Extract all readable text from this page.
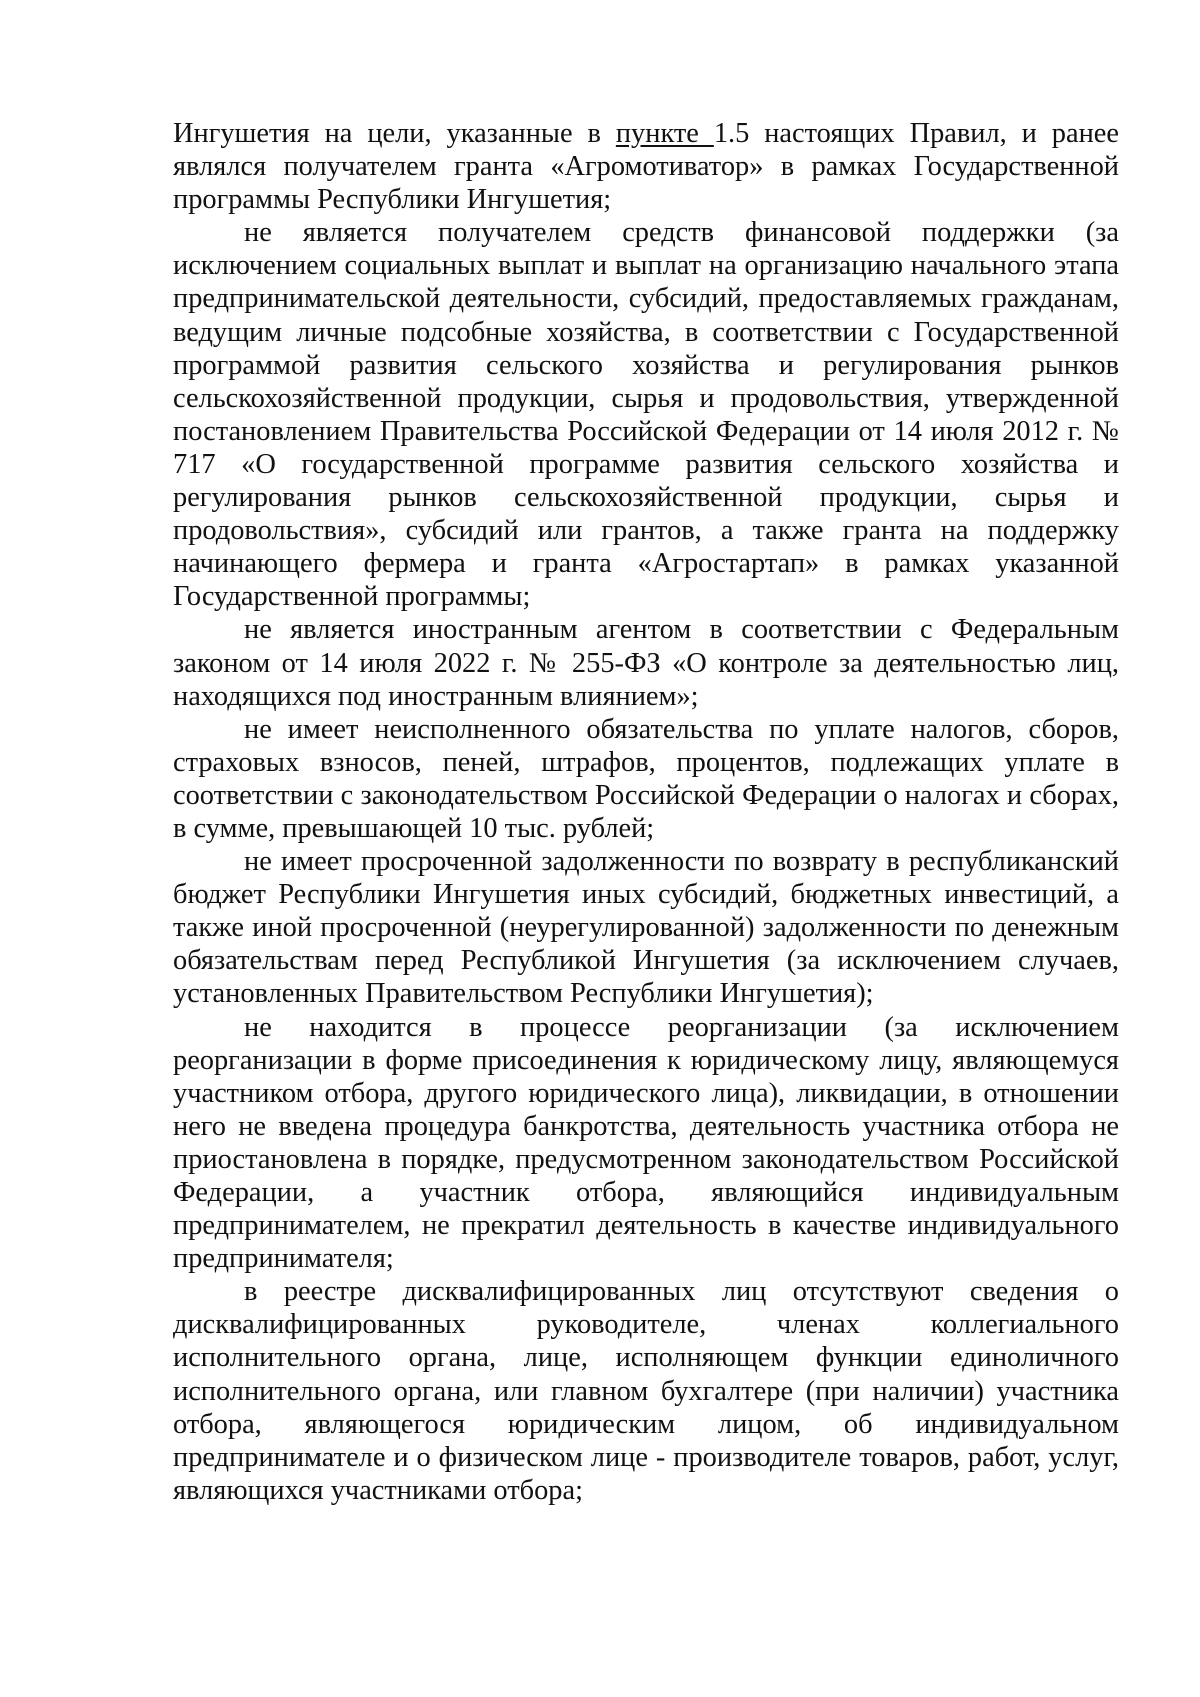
Ингушетия на цели, указанные в пункте 1.5 настоящих Правил, и ранее являлся получателем гранта «Агромотиватор» в рамках Государственной программы Республики Ингушетия;

не является получателем средств финансовой поддержки (за исключением социальных выплат и выплат на организацию начального этапа предпринимательской деятельности, субсидий, предоставляемых гражданам, ведущим личные подсобные хозяйства, в соответствии с Государственной программой развития сельского хозяйства и регулирования рынков сельскохозяйственной продукции, сырья и продовольствия, утвержденной постановлением Правительства Российской Федерации от 14 июля 2012 г. № 717 «О государственной программе развития сельского хозяйства и регулирования рынков сельскохозяйственной продукции, сырья и продовольствия», субсидий или грантов, а также гранта на поддержку начинающего фермера и гранта «Агростартап» в рамках указанной Государственной программы;

не является иностранным агентом в соответствии с Федеральным законом от 14 июля 2022 г. № 255-ФЗ «О контроле за деятельностью лиц, находящихся под иностранным влиянием»;

не имеет неисполненного обязательства по уплате налогов, сборов, страховых взносов, пеней, штрафов, процентов, подлежащих уплате в соответствии с законодательством Российской Федерации о налогах и сборах, в сумме, превышающей 10 тыс. рублей;

не имеет просроченной задолженности по возврату в республиканский бюджет Республики Ингушетия иных субсидий, бюджетных инвестиций, а также иной просроченной (неурегулированной) задолженности по денежным обязательствам перед Республикой Ингушетия (за исключением случаев, установленных Правительством Республики Ингушетия);

не находится в процессе реорганизации (за исключением реорганизации в форме присоединения к юридическому лицу, являющемуся участником отбора, другого юридического лица), ликвидации, в отношении него не введена процедура банкротства, деятельность участника отбора не приостановлена в порядке, предусмотренном законодательством Российской Федерации, а участник отбора, являющийся индивидуальным предпринимателем, не прекратил деятельность в качестве индивидуального предпринимателя;

в реестре дисквалифицированных лиц отсутствуют сведения о дисквалифицированных руководителе, членах коллегиального исполнительного органа, лице, исполняющем функции единоличного исполнительного органа, или главном бухгалтере (при наличии) участника отбора, являющегося юридическим лицом, об индивидуальном предпринимателе и о физическом лице - производителе товаров, работ, услуг, являющихся участниками отбора;
